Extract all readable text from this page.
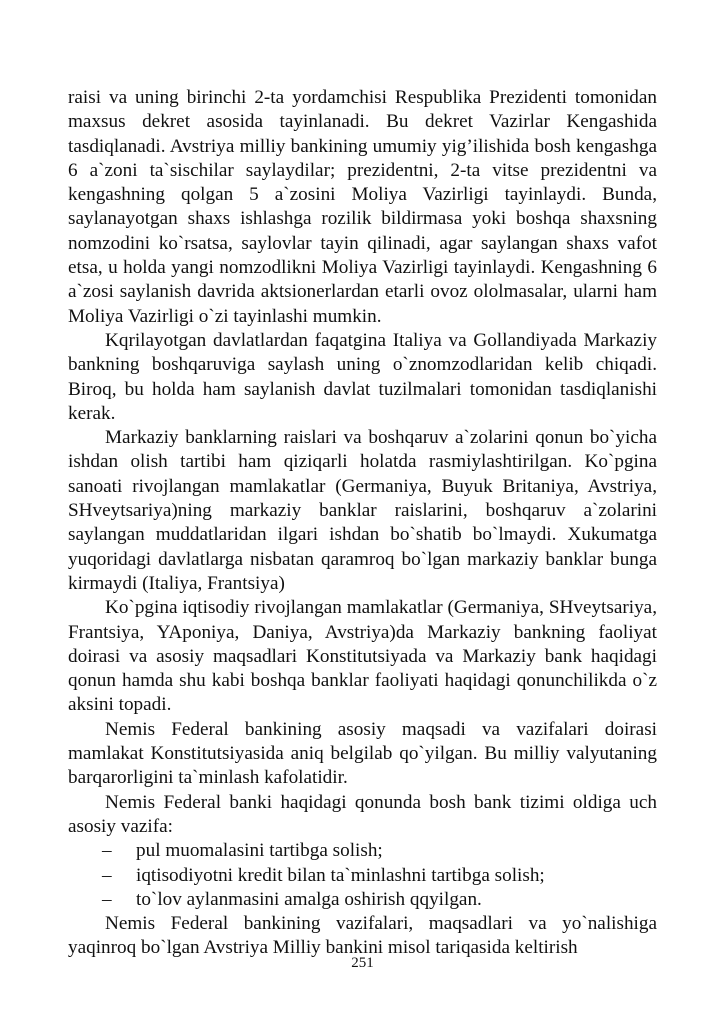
raisi va uning birinchi 2-ta yordamchisi Respublika Prezidenti tomonidan maxsus dekret asosida tayinlanadi. Bu dekret Vazirlar Kengashida tasdiqlanadi. Avstriya milliy bankining umumiy yig’ilishida bosh kengashga 6 a`zoni ta`sischilar saylaydilar; prezidentni, 2-ta vitse prezidentni va kengashning qolgan 5 a`zosini Moliya Vazirligi tayinlaydi. Bunda, saylanayotgan shaxs ishlashga rozilik bildirmasa yoki boshqa shaxsning nomzodini ko`rsatsa, saylovlar tayin qilinadi, agar saylangan shaxs vafot etsa, u holda yangi nomzodlikni Moliya Vazirligi tayinlaydi. Kengashning 6 a`zosi saylanish davrida aktsionerlardan etarli ovoz ololmasalar, ularni ham Moliya Vazirligi o`zi tayinlashi mumkin.

Kqrilayotgan davlatlardan faqatgina Italiya va Gollandiyada Markaziy bankning boshqaruviga saylash uning o`znomzodlaridan kelib chiqadi. Biroq, bu holda ham saylanish davlat tuzilmalari tomonidan tasdiqlanishi kerak.

Markaziy banklarning raislari va boshqaruv a`zolarini qonun bo`yicha ishdan olish tartibi ham qiziqarli holatda rasmiylashtirilgan. Ko`pgina sanoati rivojlangan mamlakatlar (Germaniya, Buyuk Britaniya, Avstriya, SHveytsariya)ning markaziy banklar raislarini, boshqaruv a`zolarini saylangan muddatlaridan ilgari ishdan bo`shatib bo`lmaydi. Xukumatga yuqoridagi davlatlarga nisbatan qaramroq bo`lgan markaziy banklar bunga kirmaydi (Italiya, Frantsiya)

Ko`pgina iqtisodiy rivojlangan mamlakatlar (Germaniya, SHveytsariya, Frantsiya, YAponiya, Daniya, Avstriya)da Markaziy bankning faoliyat doirasi va asosiy maqsadlari Konstitutsiyada va Markaziy bank haqidagi qonun hamda shu kabi boshqa banklar faoliyati haqidagi qonunchilikda o`z aksini topadi.

Nemis Federal bankining asosiy maqsadi va vazifalari doirasi mamlakat Konstitutsiyasida aniq belgilab qo`yilgan. Bu milliy valyutaning barqarorligini ta`minlash kafolatidir.

Nemis Federal banki haqidagi qonunda bosh bank tizimi oldiga uch asosiy vazifa:

– pul muomalasini tartibga solish;
– iqtisodiyotni kredit bilan ta`minlashni tartibga solish;
– to`lov aylanmasini amalga oshirish qqyilgan.

Nemis Federal bankining vazifalari, maqsadlari va yo`nalishiga yaqinroq bo`lgan Avstriya Milliy bankini misol tariqasida keltirish

251
